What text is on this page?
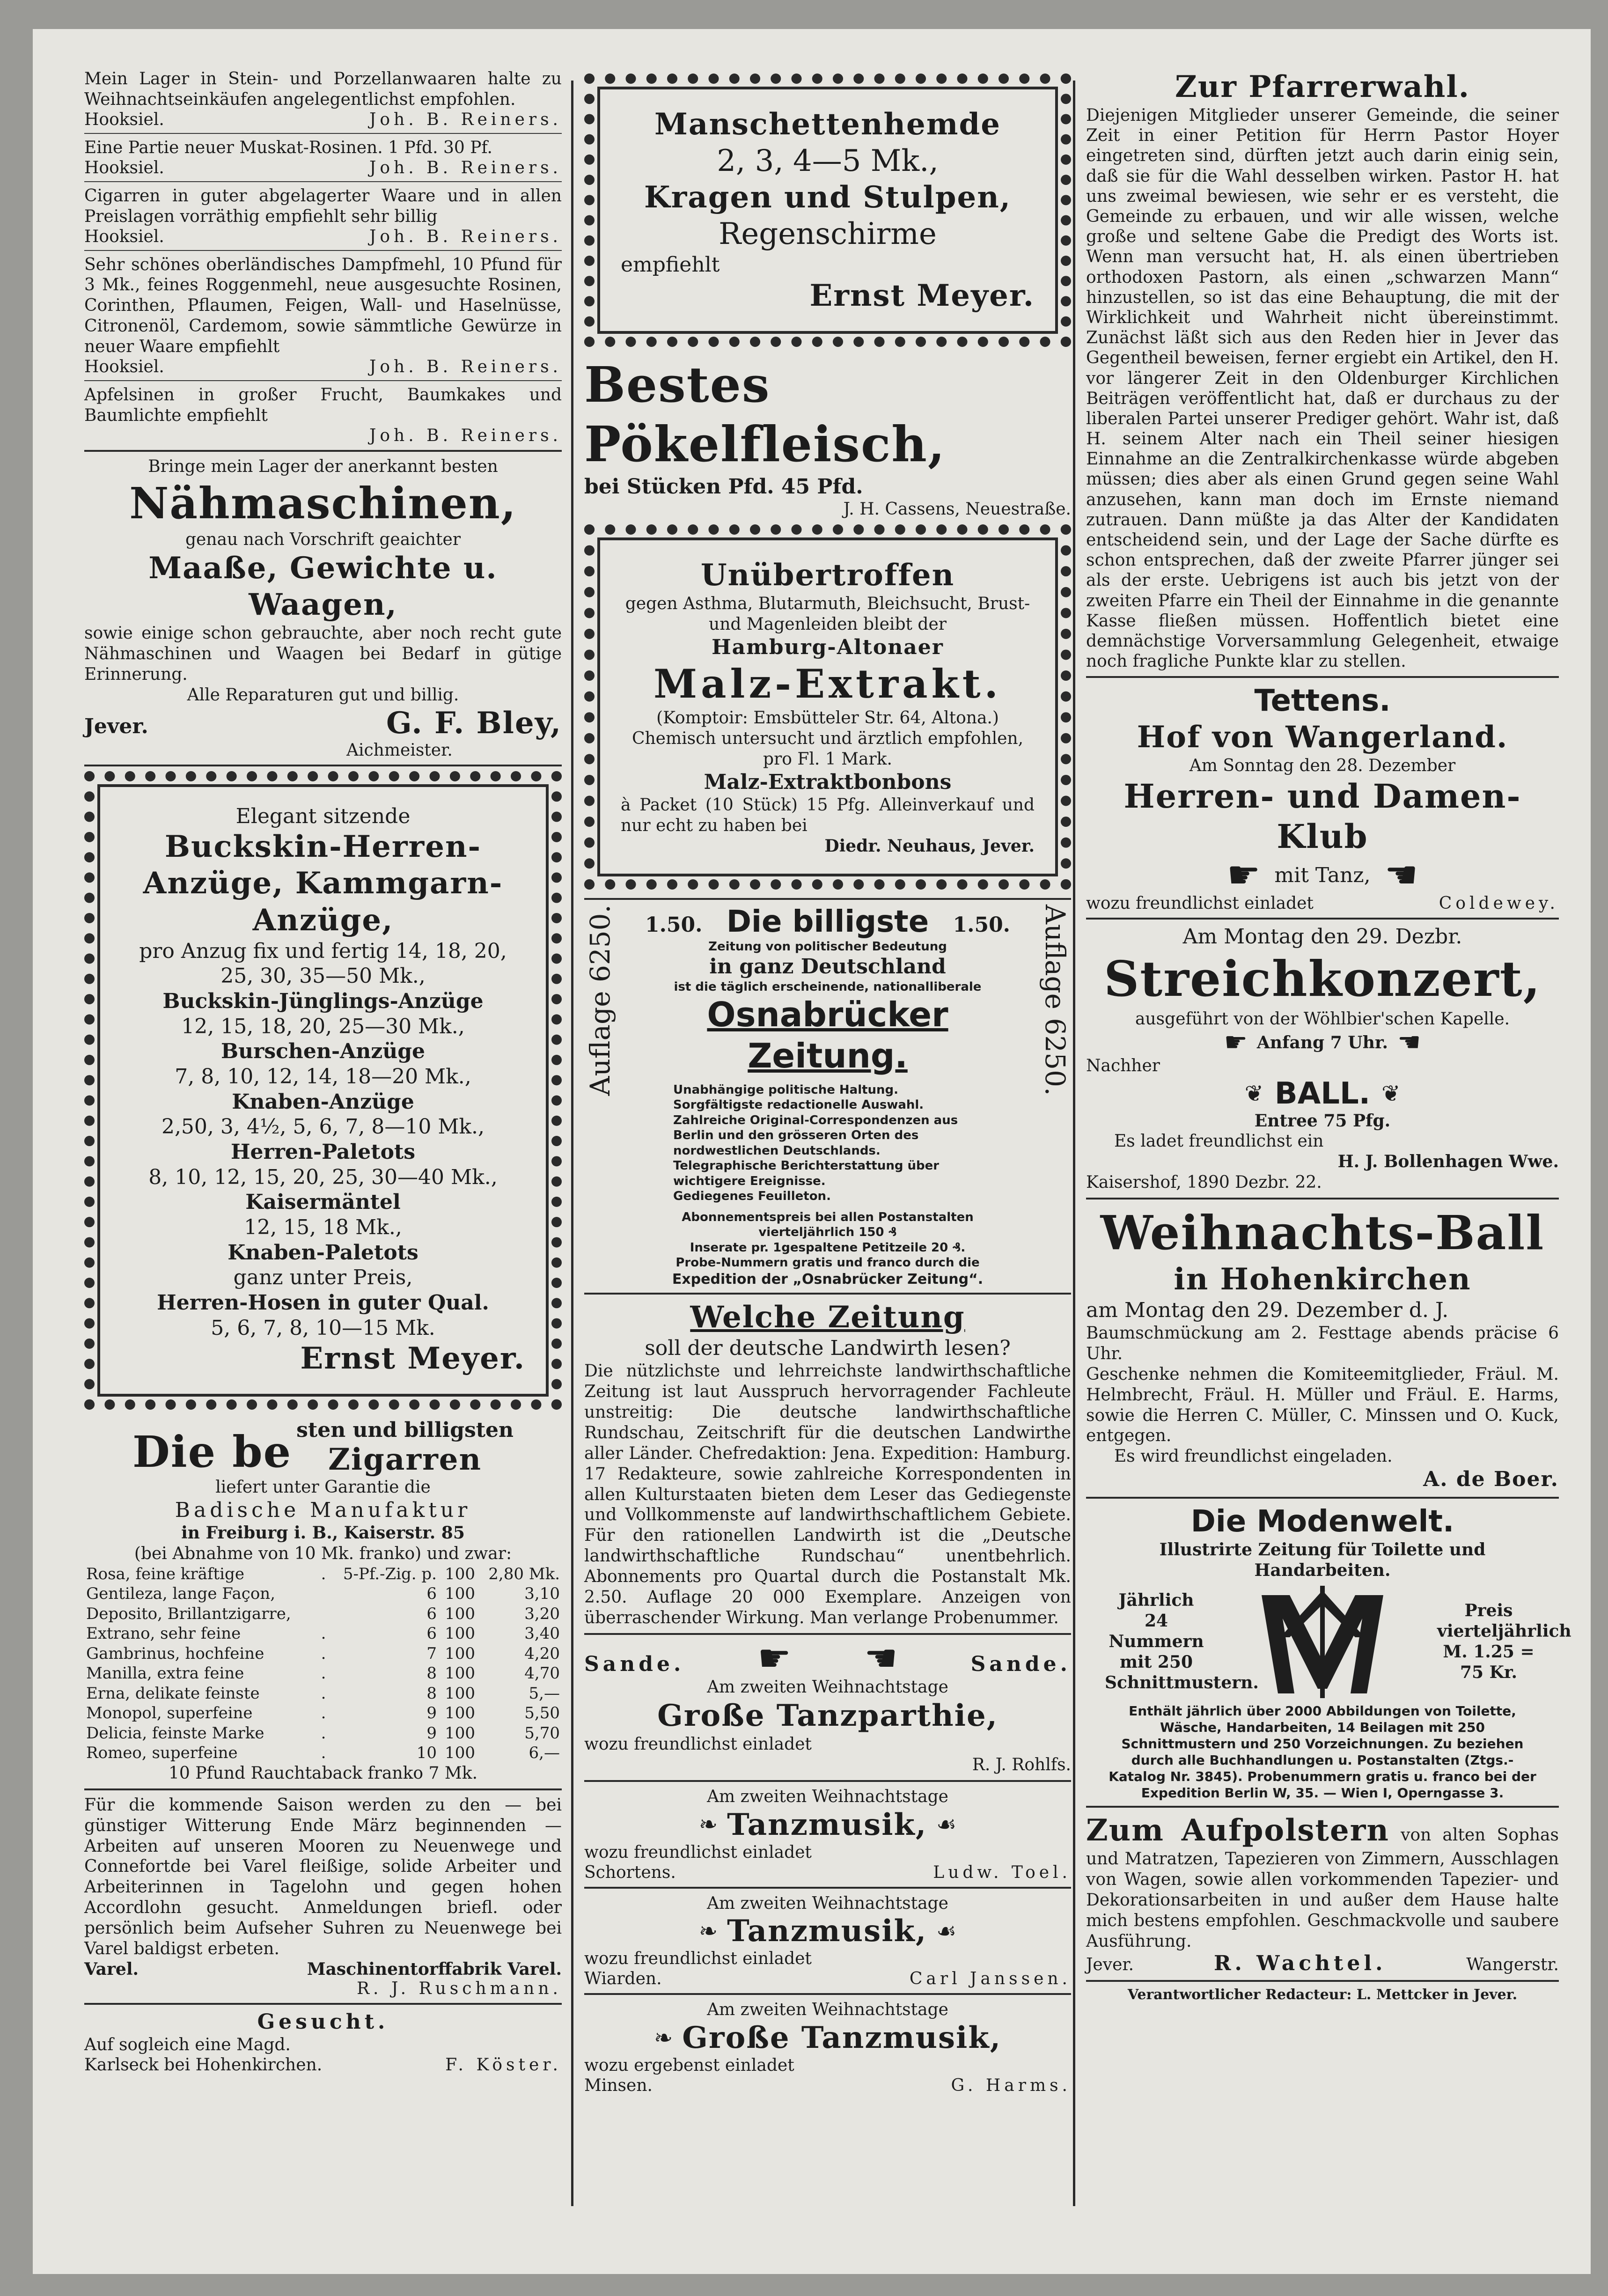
Mein Lager in Stein- und Porzellanwaaren halte zu Weihnachtseinkäufen angelegentlichst empfohlen.

Hooksiel.	Joh. B. Reiners.

Eine Partie neuer Muskat-Rosinen. 1 Pfd. 30 Pf.

Hooksiel.	Joh. B. Reiners.

Cigarren in guter abgelagerter Waare und in allen Preislagen vorräthig empfiehlt sehr billig

Hooksiel.	Joh. B. Reiners.

Sehr schönes oberländisches Dampfmehl, 10 Pfund für 3 Mk., feines Roggenmehl, neue ausgesuchte Rosinen, Corinthen, Pflaumen, Feigen, Wall- und Haselnüsse, Citronenöl, Cardemom, sowie sämmtliche Gewürze in neuer Waare empfiehlt

Hooksiel.	Joh. B. Reiners.

Apfelsinen in großer Frucht, Baumkakes und Baumlichte empfiehlt

Joh. B. Reiners.

Bringe mein Lager der anerkannt besten

Nähmaschinen,

genau nach Vorschrift geaichter

Maaße, Gewichte u. Waagen,

sowie einige schon gebrauchte, aber noch recht gute Nähmaschinen und Waagen bei Bedarf in gütige Erinnerung.

Alle Reparaturen gut und billig.

Jever.	G. F. Bley,
Aichmeister.

Elegant sitzende

Buckskin-Herren-

Anzüge, Kammgarn-

Anzüge,

pro Anzug fix und fertig 14, 18, 20, 25, 30, 35—50 Mk.,

Buckskin-Jünglings-Anzüge

12, 15, 18, 20, 25—30 Mk.,

Burschen-Anzüge

7, 8, 10, 12, 14, 18—20 Mk.,

Knaben-Anzüge

2,50, 3, 4½, 5, 6, 7, 8—10 Mk.,

Herren-Paletots

8, 10, 12, 15, 20, 25, 30—40 Mk.,

Kaisermäntel

12, 15, 18 Mk.,

Knaben-Paletots

ganz unter Preis,

Herren-Hosen in guter Qual.

5, 6, 7, 8, 10—15 Mk.

Ernst Meyer.

Die be sten und billigsten
Zigarren

liefert unter Garantie die

Badische Manufaktur

in Freiburg i. B., Kaiserstr. 85

(bei Abnahme von 10 Mk. franko) und zwar:

Rosa, feine kräftige	.	5-Pf.-Zig. p.	100	2,80 Mk.
Gentileza, lange Façon,		6	100	3,10
Deposito, Brillantzigarre,		6	100	3,20
Extrano, sehr feine	.	6	100	3,40
Gambrinus, hochfeine	.	7	100	4,20
Manilla, extra feine	.	8	100	4,70
Erna, delikate feinste	.	8	100	5,—
Monopol, superfeine	.	9	100	5,50
Delicia, feinste Marke	.	9	100	5,70
Romeo, superfeine	.	10	100	6,—

10 Pfund Rauchtaback franko 7 Mk.

Für die kommende Saison werden zu den — bei günstiger Witterung Ende März beginnenden — Arbeiten auf unseren Mooren zu Neuenwege und Connefortde bei Varel fleißige, solide Arbeiter und Arbeiterinnen in Tagelohn und gegen hohen Accordlohn gesucht. Anmeldungen briefl. oder persönlich beim Aufseher Suhren zu Neuenwege bei Varel baldigst erbeten.

Varel.	Maschinentorffabrik Varel.
R. J. Ruschmann.

Gesucht.

Auf sogleich eine Magd.

Karlseck bei Hohenkirchen.	F. Köster.

Manschettenhemde

2, 3, 4—5 Mk.,

Kragen und Stulpen,

Regenschirme

empfiehlt

Ernst Meyer.

Bestes Pökelfleisch,

bei Stücken Pfd. 45 Pfd.

J. H. Cassens, Neuestraße.

Unübertroffen

gegen Asthma, Blutarmuth, Bleichsucht, Brust- und Magenleiden bleibt der

Hamburg-Altonaer

Malz-Extrakt.

(Komptoir: Emsbütteler Str. 64, Altona.) Chemisch untersucht und ärztlich empfohlen, pro Fl. 1 Mark.

Malz-Extraktbonbons

à Packet (10 Stück) 15 Pfg. Alleinverkauf und nur echt zu haben bei

Diedr. Neuhaus, Jever.

Auflage 6250. 1.50. Die billigste 1.50.

Zeitung von politischer Bedeutung

in ganz Deutschland

ist die täglich erscheinende, nationalliberale

Osnabrücker Zeitung.

Unabhängige politische Haltung.

Sorgfältigste redactionelle Auswahl.

Zahlreiche Original-Correspondenzen aus Berlin und den grösseren Orten des nordwestlichen Deutschlands.

Telegraphische Berichterstattung über wichtigere Ereignisse.

Gediegenes Feuilleton.

Abonnementspreis bei allen Postanstalten vierteljährlich 150 ₰

Inserate pr. 1gespaltene Petitzeile 20 ₰.

Probe-Nummern gratis und franco durch die

Expedition der „Osnabrücker Zeitung“.

Auflage 6250.

Welche Zeitung

soll der deutsche Landwirth lesen?

Die nützlichste und lehrreichste landwirthschaftliche Zeitung ist laut Ausspruch hervorragender Fachleute unstreitig: Die deutsche landwirthschaftliche Rundschau, Zeitschrift für die deutschen Landwirthe aller Länder. Chefredaktion: Jena. Expedition: Hamburg. 17 Redakteure, sowie zahlreiche Korrespondenten in allen Kulturstaaten bieten dem Leser das Gediegenste und Vollkommenste auf landwirthschaftlichem Gebiete. Für den rationellen Landwirth ist die „Deutsche landwirthschaftliche Rundschau“ unentbehrlich. Abonnements pro Quartal durch die Postanstalt Mk. 2.50. Auflage 20 000 Exemplare. Anzeigen von überraschender Wirkung. Man verlange Probenummer.

Sande. ☛ ☚	Sande.

Am zweiten Weihnachtstage

Große Tanzparthie,

wozu freundlichst einladet

R. J. Rohlfs.

Am zweiten Weihnachtstage

❧ Tanzmusik, ☙

wozu freundlichst einladet

Schortens.	Ludw. Toel.

Am zweiten Weihnachtstage

❧ Tanzmusik, ☙

wozu freundlichst einladet

Wiarden.	Carl Janssen.

Am zweiten Weihnachtstage

❧ Große Tanzmusik,

wozu ergebenst einladet

Minsen.	G. Harms.

Zur Pfarrerwahl.

Diejenigen Mitglieder unserer Gemeinde, die seiner Zeit in einer Petition für Herrn Pastor Hoyer eingetreten sind, dürften jetzt auch darin einig sein, daß sie für die Wahl desselben wirken. Pastor H. hat uns zweimal bewiesen, wie sehr er es versteht, die Gemeinde zu erbauen, und wir alle wissen, welche große und seltene Gabe die Predigt des Worts ist. Wenn man versucht hat, H. als einen übertrieben orthodoxen Pastorn, als einen „schwarzen Mann“ hinzustellen, so ist das eine Behauptung, die mit der Wirklichkeit und Wahrheit nicht übereinstimmt. Zunächst läßt sich aus den Reden hier in Jever das Gegentheil beweisen, ferner ergiebt ein Artikel, den H. vor längerer Zeit in den Oldenburger Kirchlichen Beiträgen veröffentlicht hat, daß er durchaus zu der liberalen Partei unserer Prediger gehört. Wahr ist, daß H. seinem Alter nach ein Theil seiner hiesigen Einnahme an die Zentralkirchenkasse würde abgeben müssen; dies aber als einen Grund gegen seine Wahl anzusehen, kann man doch im Ernste niemand zutrauen. Dann müßte ja das Alter der Kandidaten entscheidend sein, und der Lage der Sache dürfte es schon entsprechen, daß der zweite Pfarrer jünger sei als der erste. Uebrigens ist auch bis jetzt von der zweiten Pfarre ein Theil der Einnahme in die genannte Kasse fließen müssen. Hoffentlich bietet eine demnächstige Vorversammlung Gelegenheit, etwaige noch fragliche Punkte klar zu stellen.

Tettens.

Hof von Wangerland.

Am Sonntag den 28. Dezember

Herren- und Damen-Klub

☛ mit Tanz, ☚
wozu freundlichst einladet	Coldewey.

Am Montag den 29. Dezbr.

Streichkonzert,

ausgeführt von der Wöhlbier'schen Kapelle.

☛ Anfang 7 Uhr. ☚

Nachher

❦ BALL. ❦

Entree 75 Pfg.

Es ladet freundlichst ein

H. J. Bollenhagen Wwe.

Kaisershof, 1890 Dezbr. 22.

Weihnachts-Ball

in Hohenkirchen

am Montag den 29. Dezember d. J.

Baumschmückung am 2. Festtage abends präcise 6 Uhr.

Geschenke nehmen die Komiteemitglieder, Fräul. M. Helmbrecht, Fräul. H. Müller und Fräul. E. Harms, sowie die Herren C. Müller, C. Minssen und O. Kuck, entgegen.

Es wird freundlichst eingeladen.

A. de Boer.

Die Modenwelt.

Illustrirte Zeitung für Toilette und Handarbeiten.

Jährlich 24 Nummern mit 250 Schnittmustern.

Preis vierteljährlich M. 1.25 = 75 Kr.

Enthält jährlich über 2000 Abbildungen von Toilette, Wäsche, Handarbeiten, 14 Beilagen mit 250 Schnittmustern und 250 Vorzeichnungen. Zu beziehen durch alle Buchhandlungen u. Postanstalten (Ztgs.-Katalog Nr. 3845). Probenummern gratis u. franco bei der Expedition Berlin W, 35. — Wien I, Operngasse 3.

Zum Aufpolstern von alten Sophas und Matratzen, Tapezieren von Zimmern, Ausschlagen von Wagen, sowie allen vorkommenden Tapezier- und Dekorationsarbeiten in und außer dem Hause halte mich bestens empfohlen. Geschmackvolle und saubere Ausführung.

Jever.	R. Wachtel.	Wangerstr.

Verantwortlicher Redacteur: L. Mettcker in Jever.
